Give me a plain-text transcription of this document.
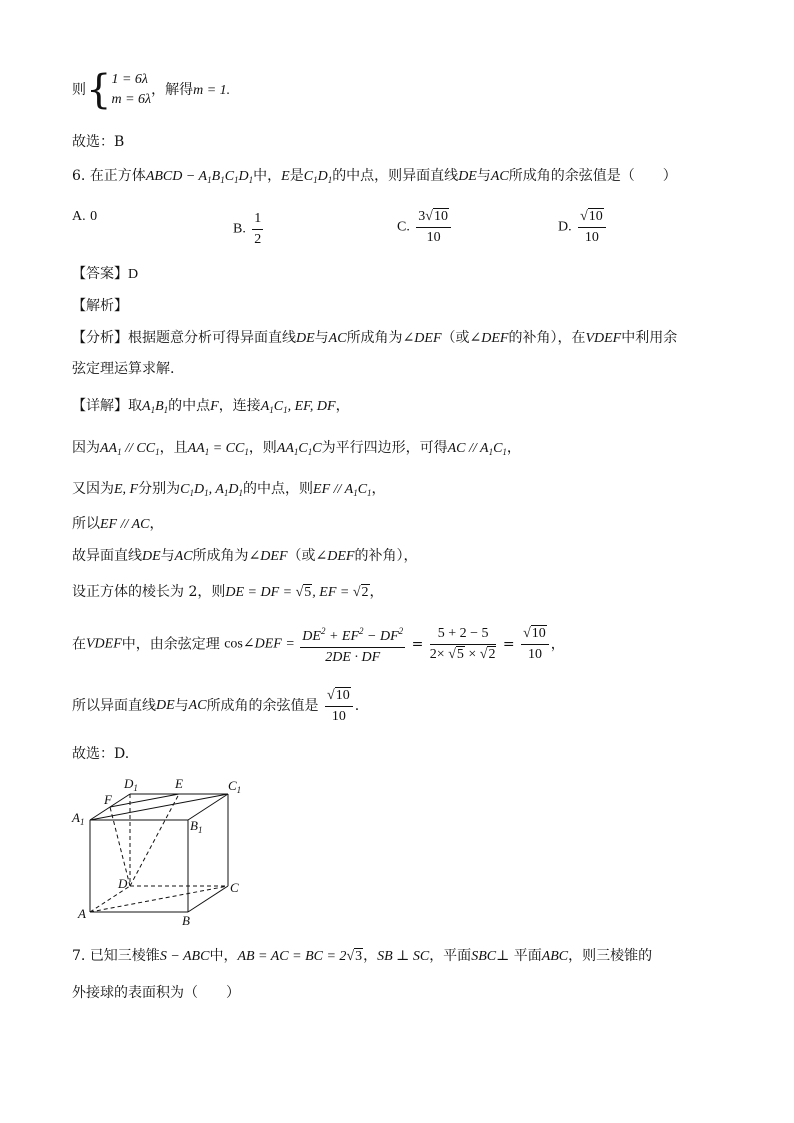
则{ 1 = 6λ
m = 6λ
，解得m = 1.
故选：B
6. 在正方体ABCD − $A_1B_1C_1D_1$中，E是$C_1D_1$的中点，则异面直线DE与AC所成角的余弦值是（　　）
A. 0
B. $\frac{1}{2}$	C. $\frac{3√10}{10}$	D. $\frac{√10}{10}$
【答案】D
【解析】
【分析】根据题意分析可得异面直线DE与AC所成角为∠DEF（或∠DEF的补角），在VDEF中利用余
弦定理运算求解.
【详解】取$A_1B_1$的中点F，连接$A_1C_1$, EF, DF，
因为$AA_1 // CC_1$，且$AA_1 = CC_1$，则$AA_1C_1C$为平行四边形，可得AC // $A_1C_1$，
又因为E, F分别为$C_1D_1$, $A_1D_1$的中点，则EF // $A_1C_1$，
所以EF // AC，
故异面直线DE与AC所成角为∠DEF（或∠DEF的补角），
设正方体的棱长为 2，则DE = DF = √5, EF = √2，
在VDEF中，由余弦定理 cos∠DEF = $\frac{DE^2 + EF^2 - DF^2}{2DE \cdot DF} = \frac{5 + 2 - 5}{2\times √5 \times √2} = \frac{√10}{10}$ ，
所以异面直线DE与AC所成角的余弦值是 $\frac{√10}{10}$ .
故选：D.
$D_1$	E	$C_1$
F
$A_1$	$B_1$
D	C
A	B
7. 已知三棱锥S − ABC中，AB = AC = BC = 2√3，SB ⊥ SC，平面SBC⊥ 平面ABC，则三棱锥的
外接球的表面积为（　　）
